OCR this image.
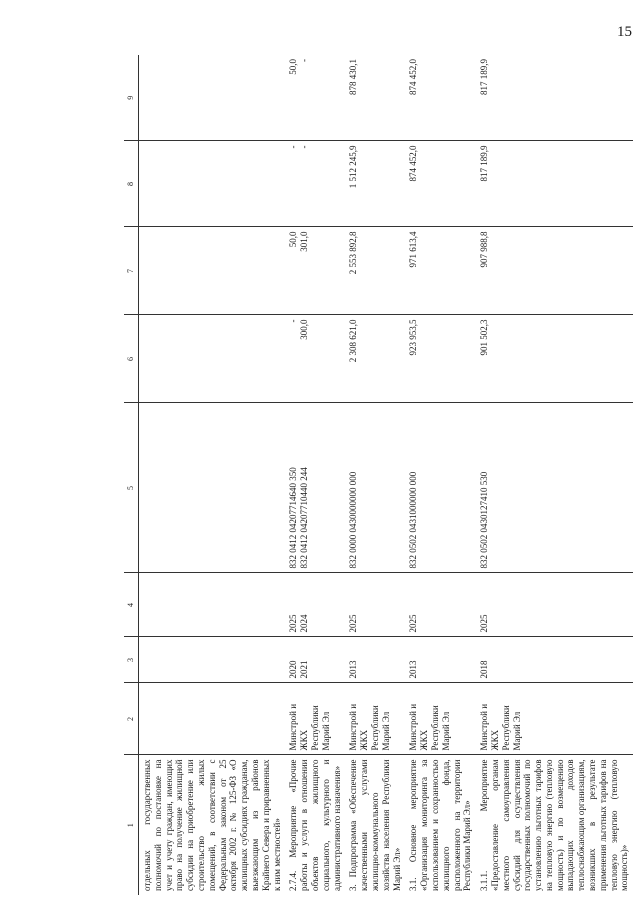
15
1	2	3	4	5	6	7	8	9
отдельных государственных полномочий по постановке на учет и учету граждан, имеющих право на получение жилищной субсидии на приобретение или строительство жилых помещений, в соответствии с Федеральным законом от 25 октября 2002 г. № 125-ФЗ «О жилищных субсидиях гражданам, выезжающим из районов Крайнего Севера и приравненных к ним местностей»								
2.7.4. Мероприятие «Прочие работы и услуги в отношении объектов жилищного социального, культурного и административного назначения»	Минстрой и ЖКХ Республики Марий Эл	2020 2021	2025 2024	832 0412 04207714640 350 832 0412 04207710440 244	- 300,0	50,0 301,0	- -	50,0 -

3. Подпрограмма «Обеспечение качественными услугами жилищно-коммунального хозяйства населения Республики Марий Эл»	Минстрой и ЖКХ Республики Марий Эл	2013	2025	832 0000 0430000000 000	2 308 621,0	2 553 892,8	1 512 245,9	878 430,1
3.1. Основное мероприятие «Организация мониторинга за использованием и сохранностью жилищного фонда, расположенного на территории Республики Марий Эл»	Минстрой и ЖКХ Республики Марий Эл	2013	2025	832 0502 0431000000 000	923 953,5	971 613,4	874 452,0	874 452,0
3.1.1. Мероприятие «Предоставление органам местного самоуправления субсидий для осуществления государственных полномочий по установлению льготных тарифов на тепловую энергию (тепловую мощность) и по возмещению выпадающих доходов теплоснабжающим организациям, возникших в результате применения льготных тарифов на тепловую энергию (тепловую мощность)»	Минстрой и ЖКХ Республики Марий Эл	2018	2025	832 0502 0430127410 530	901 502,3	907 988,8	817 189,9	817 189,9
